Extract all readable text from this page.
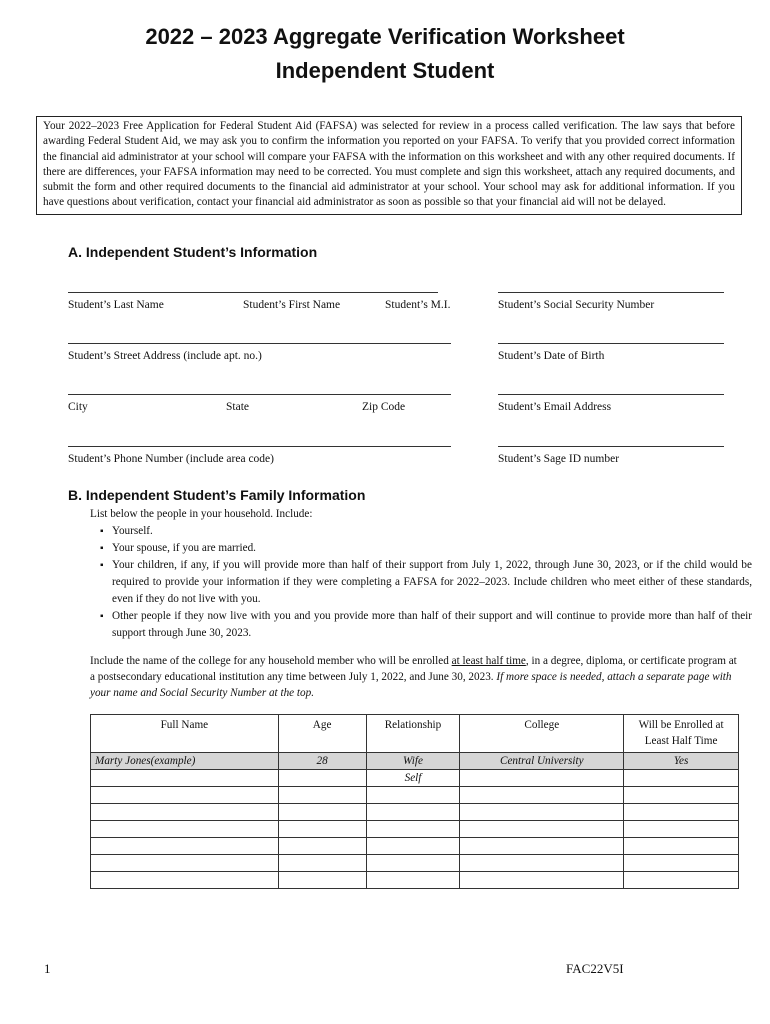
2022 – 2023 Aggregate Verification Worksheet
Independent Student
Your 2022–2023 Free Application for Federal Student Aid (FAFSA) was selected for review in a process called verification. The law says that before awarding Federal Student Aid, we may ask you to confirm the information you reported on your FAFSA. To verify that you provided correct information the financial aid administrator at your school will compare your FAFSA with the information on this worksheet and with any other required documents. If there are differences, your FAFSA information may need to be corrected. You must complete and sign this worksheet, attach any required documents, and submit the form and other required documents to the financial aid administrator at your school. Your school may ask for additional information. If you have questions about verification, contact your financial aid administrator as soon as possible so that your financial aid will not be delayed.
A. Independent Student’s Information
Student’s Last Name	Student’s First Name	Student’s M.I.	Student’s Social Security Number
Student’s Street Address (include apt. no.)	Student’s Date of Birth
City	State	Zip Code	Student’s Email Address
Student’s Phone Number (include area code)	Student’s Sage ID number
B. Independent Student’s Family Information
List below the people in your household. Include:
▪ Yourself.
▪ Your spouse, if you are married.
▪ Your children, if any, if you will provide more than half of their support from July 1, 2022, through June 30, 2023, or if the child would be required to provide your information if they were completing a FAFSA for 2022–2023. Include children who meet either of these standards, even if they do not live with you.
▪ Other people if they now live with you and you provide more than half of their support and will continue to provide more than half of their support through June 30, 2023.
Include the name of the college for any household member who will be enrolled at least half time, in a degree, diploma, or certificate program at a postsecondary educational institution any time between July 1, 2022, and June 30, 2023. If more space is needed, attach a separate page with your name and Social Security Number at the top.
Full Name	Age	Relationship	College	Will be Enrolled at Least Half Time
Marty Jones(example)	28	Wife	Central University	Yes
		Self		

1	FAC22V5I
